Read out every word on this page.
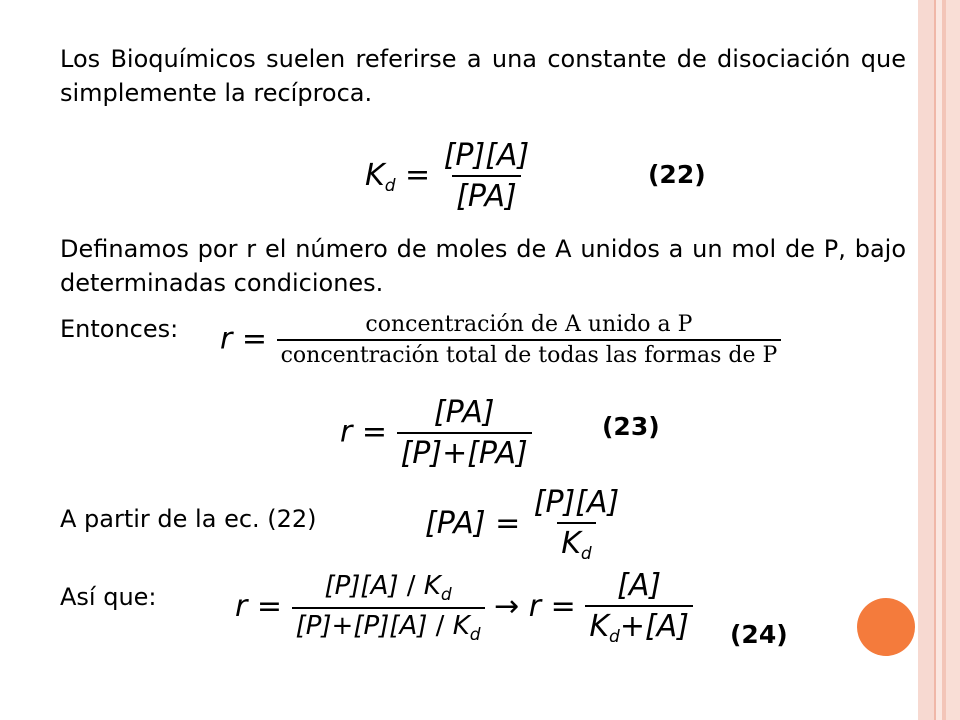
Los Bioquímicos suelen referirse a una constante de disociación que simplemente la recíproca.
$K_d = \frac{[P][A]}{[PA]}$	(22)
Definamos por r el número de moles de A unidos a un mol de P, bajo determinadas condiciones.
Entonces: $r = \frac{\text{concentración de A unido a P}}{\text{concentración total de todas las formas de P}}$
$r = \frac{[PA]}{[P]+[PA]}$	(23)
A partir de la ec. (22)	$[PA] = \frac{[P][A]}{K_d}$
Así que:	$r = \frac{[P][A] / K_d}{[P]+[P][A] / K_d} \to r = \frac{[A]}{K_d+[A]} (24)$
